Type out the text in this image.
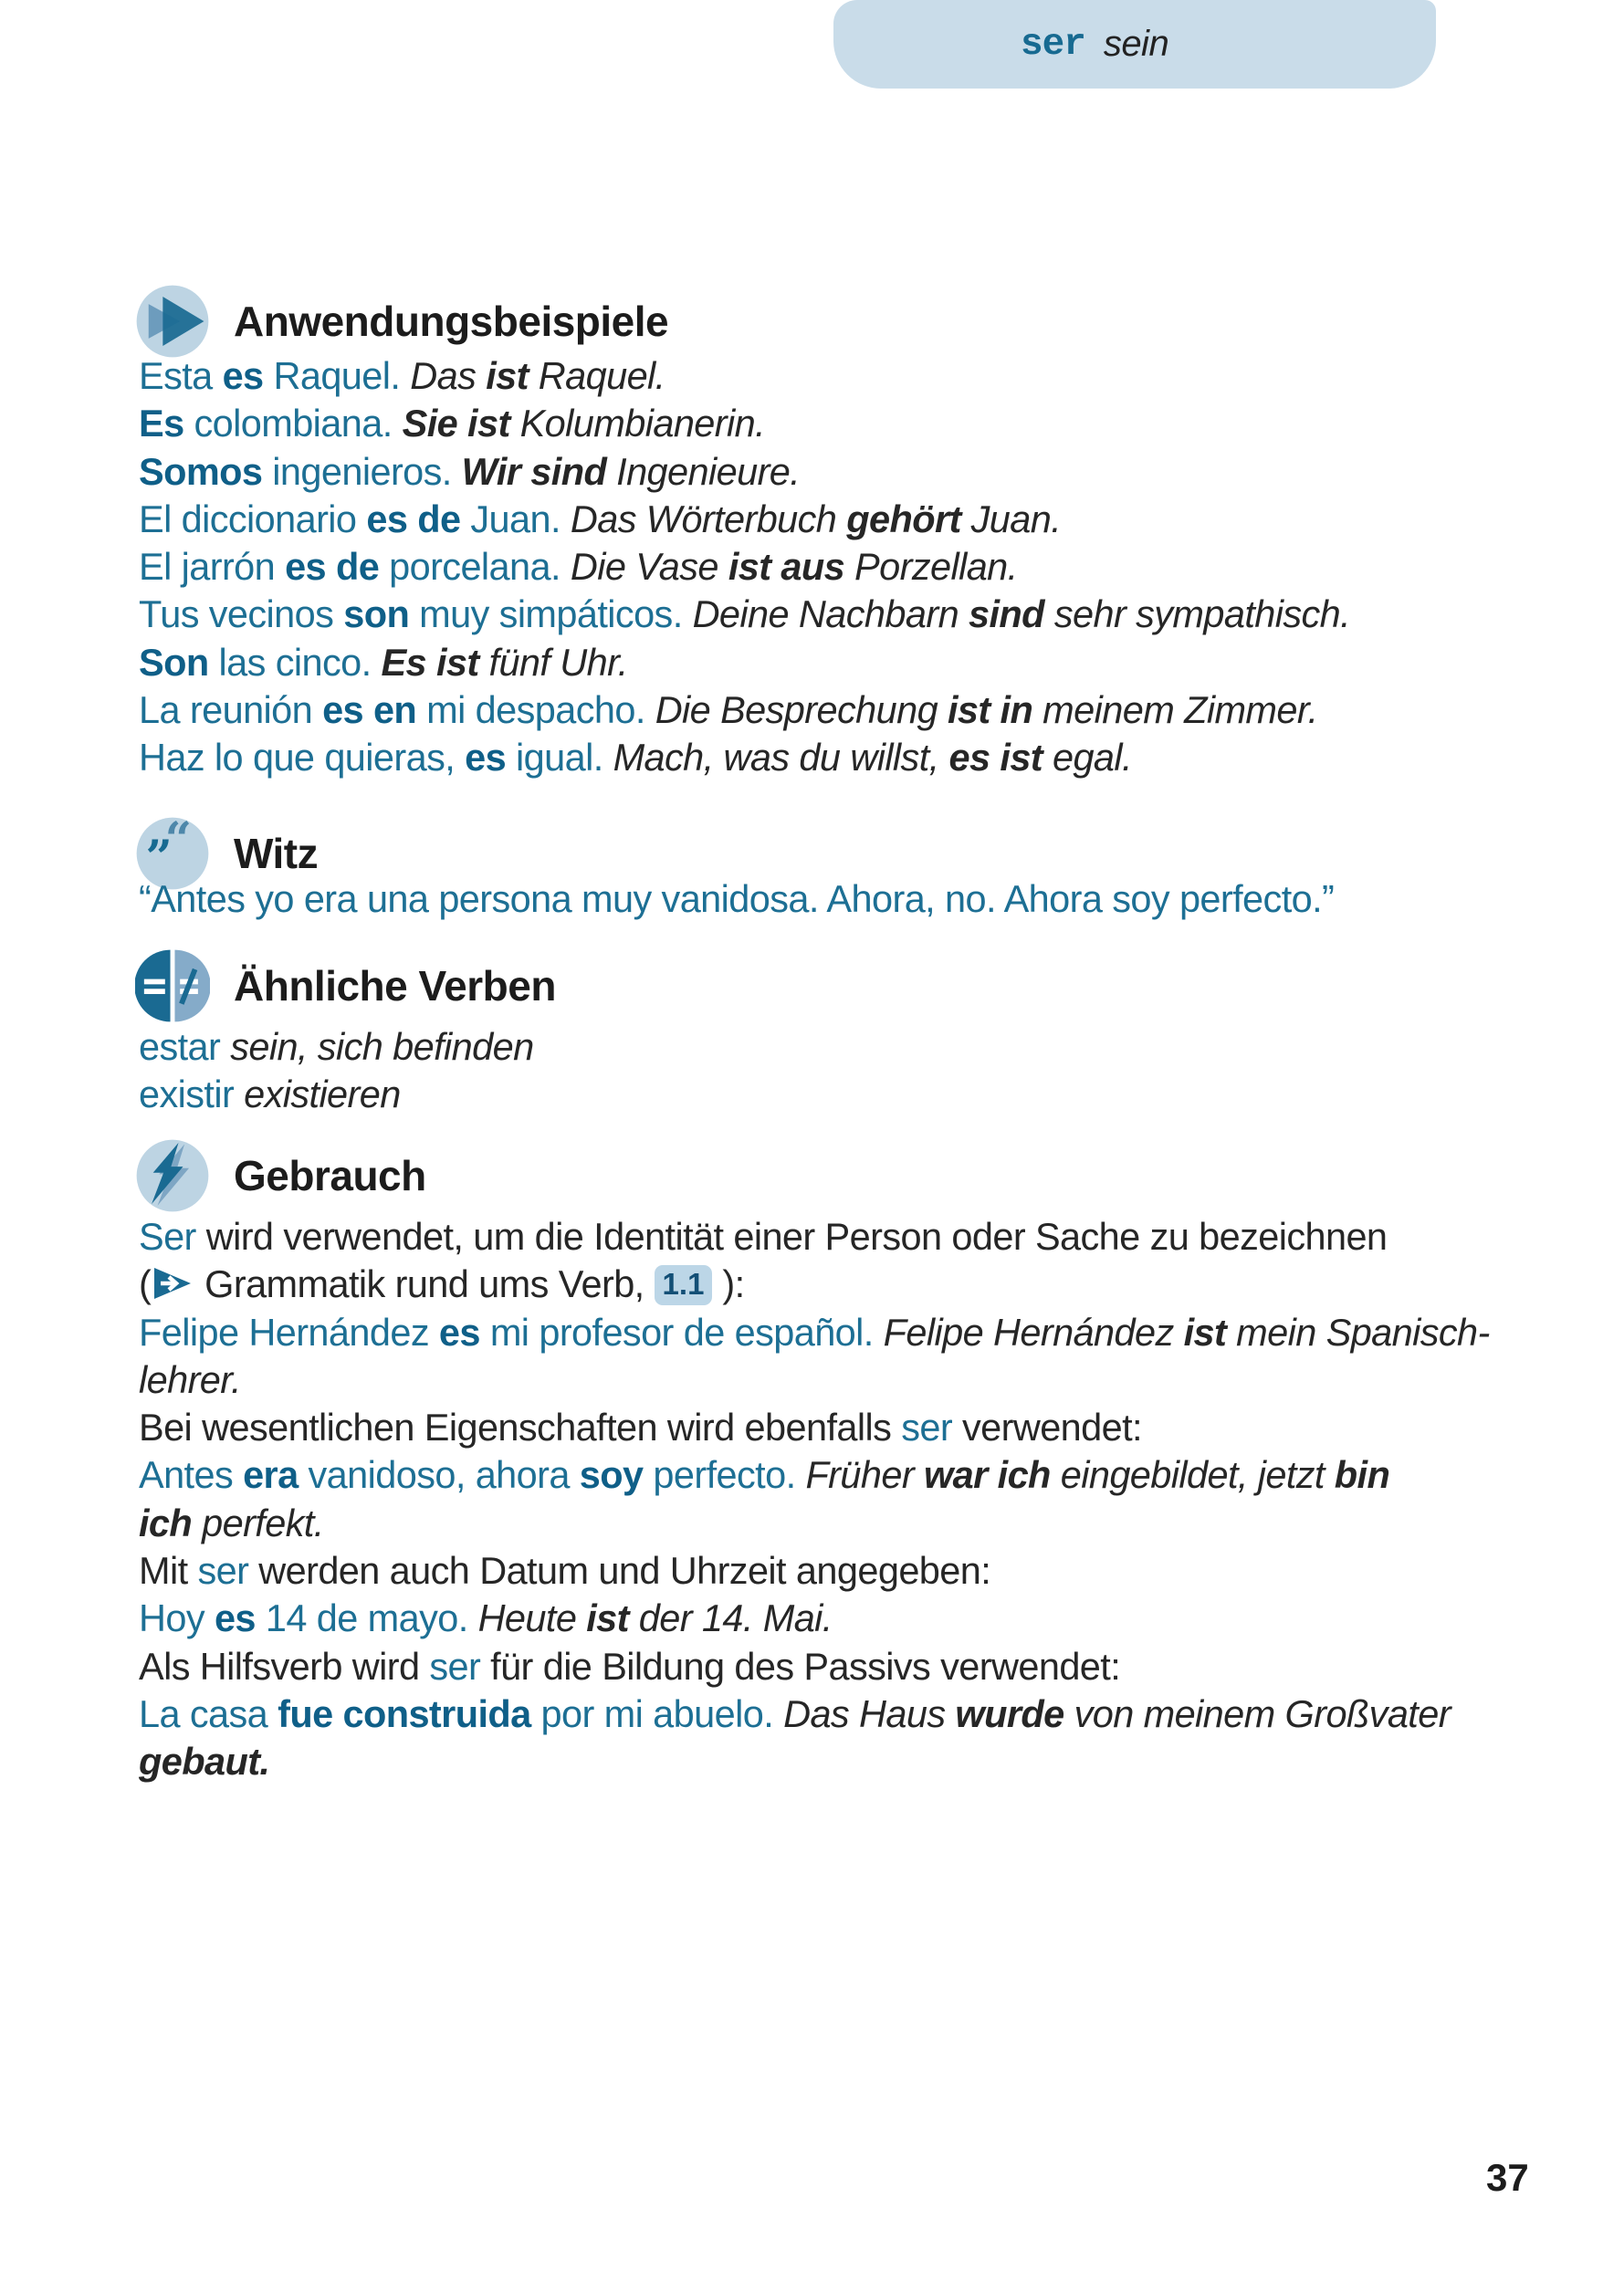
ser sein
Anwendungsbeispiele
Esta es Raquel. Das ist Raquel.
Es colombiana. Sie ist Kolumbianerin.
Somos ingenieros. Wir sind Ingenieure.
El diccionario es de Juan. Das Wörterbuch gehört Juan.
El jarrón es de porcelana. Die Vase ist aus Porzellan.
Tus vecinos son muy simpáticos. Deine Nachbarn sind sehr sympathisch.
Son las cinco. Es ist fünf Uhr.
La reunión es en mi despacho. Die Besprechung ist in meinem Zimmer.
Haz lo que quieras, es igual. Mach, was du willst, es ist egal.
“
” Witz
“Antes yo era una persona muy vanidosa. Ahora, no. Ahora soy perfecto.”
Ähnliche Verben
estar sein, sich befinden
existir existieren
Gebrauch
Ser wird verwendet, um die Identität einer Person oder Sache zu bezeichnen
(
Grammatik rund ums Verb, 1.1 ):
Felipe Hernández es mi profesor de español. Felipe Hernández ist mein Spanisch-
lehrer.
Bei wesentlichen Eigenschaften wird ebenfalls ser verwendet:
Antes era vanidoso, ahora soy perfecto. Früher war ich eingebildet, jetzt bin
ich perfekt.
Mit ser werden auch Datum und Uhrzeit angegeben:
Hoy es 14 de mayo. Heute ist der 14. Mai.
Als Hilfsverb wird ser für die Bildung des Passivs verwendet:
La casa fue construida por mi abuelo. Das Haus wurde von meinem Großvater
gebaut.
37
